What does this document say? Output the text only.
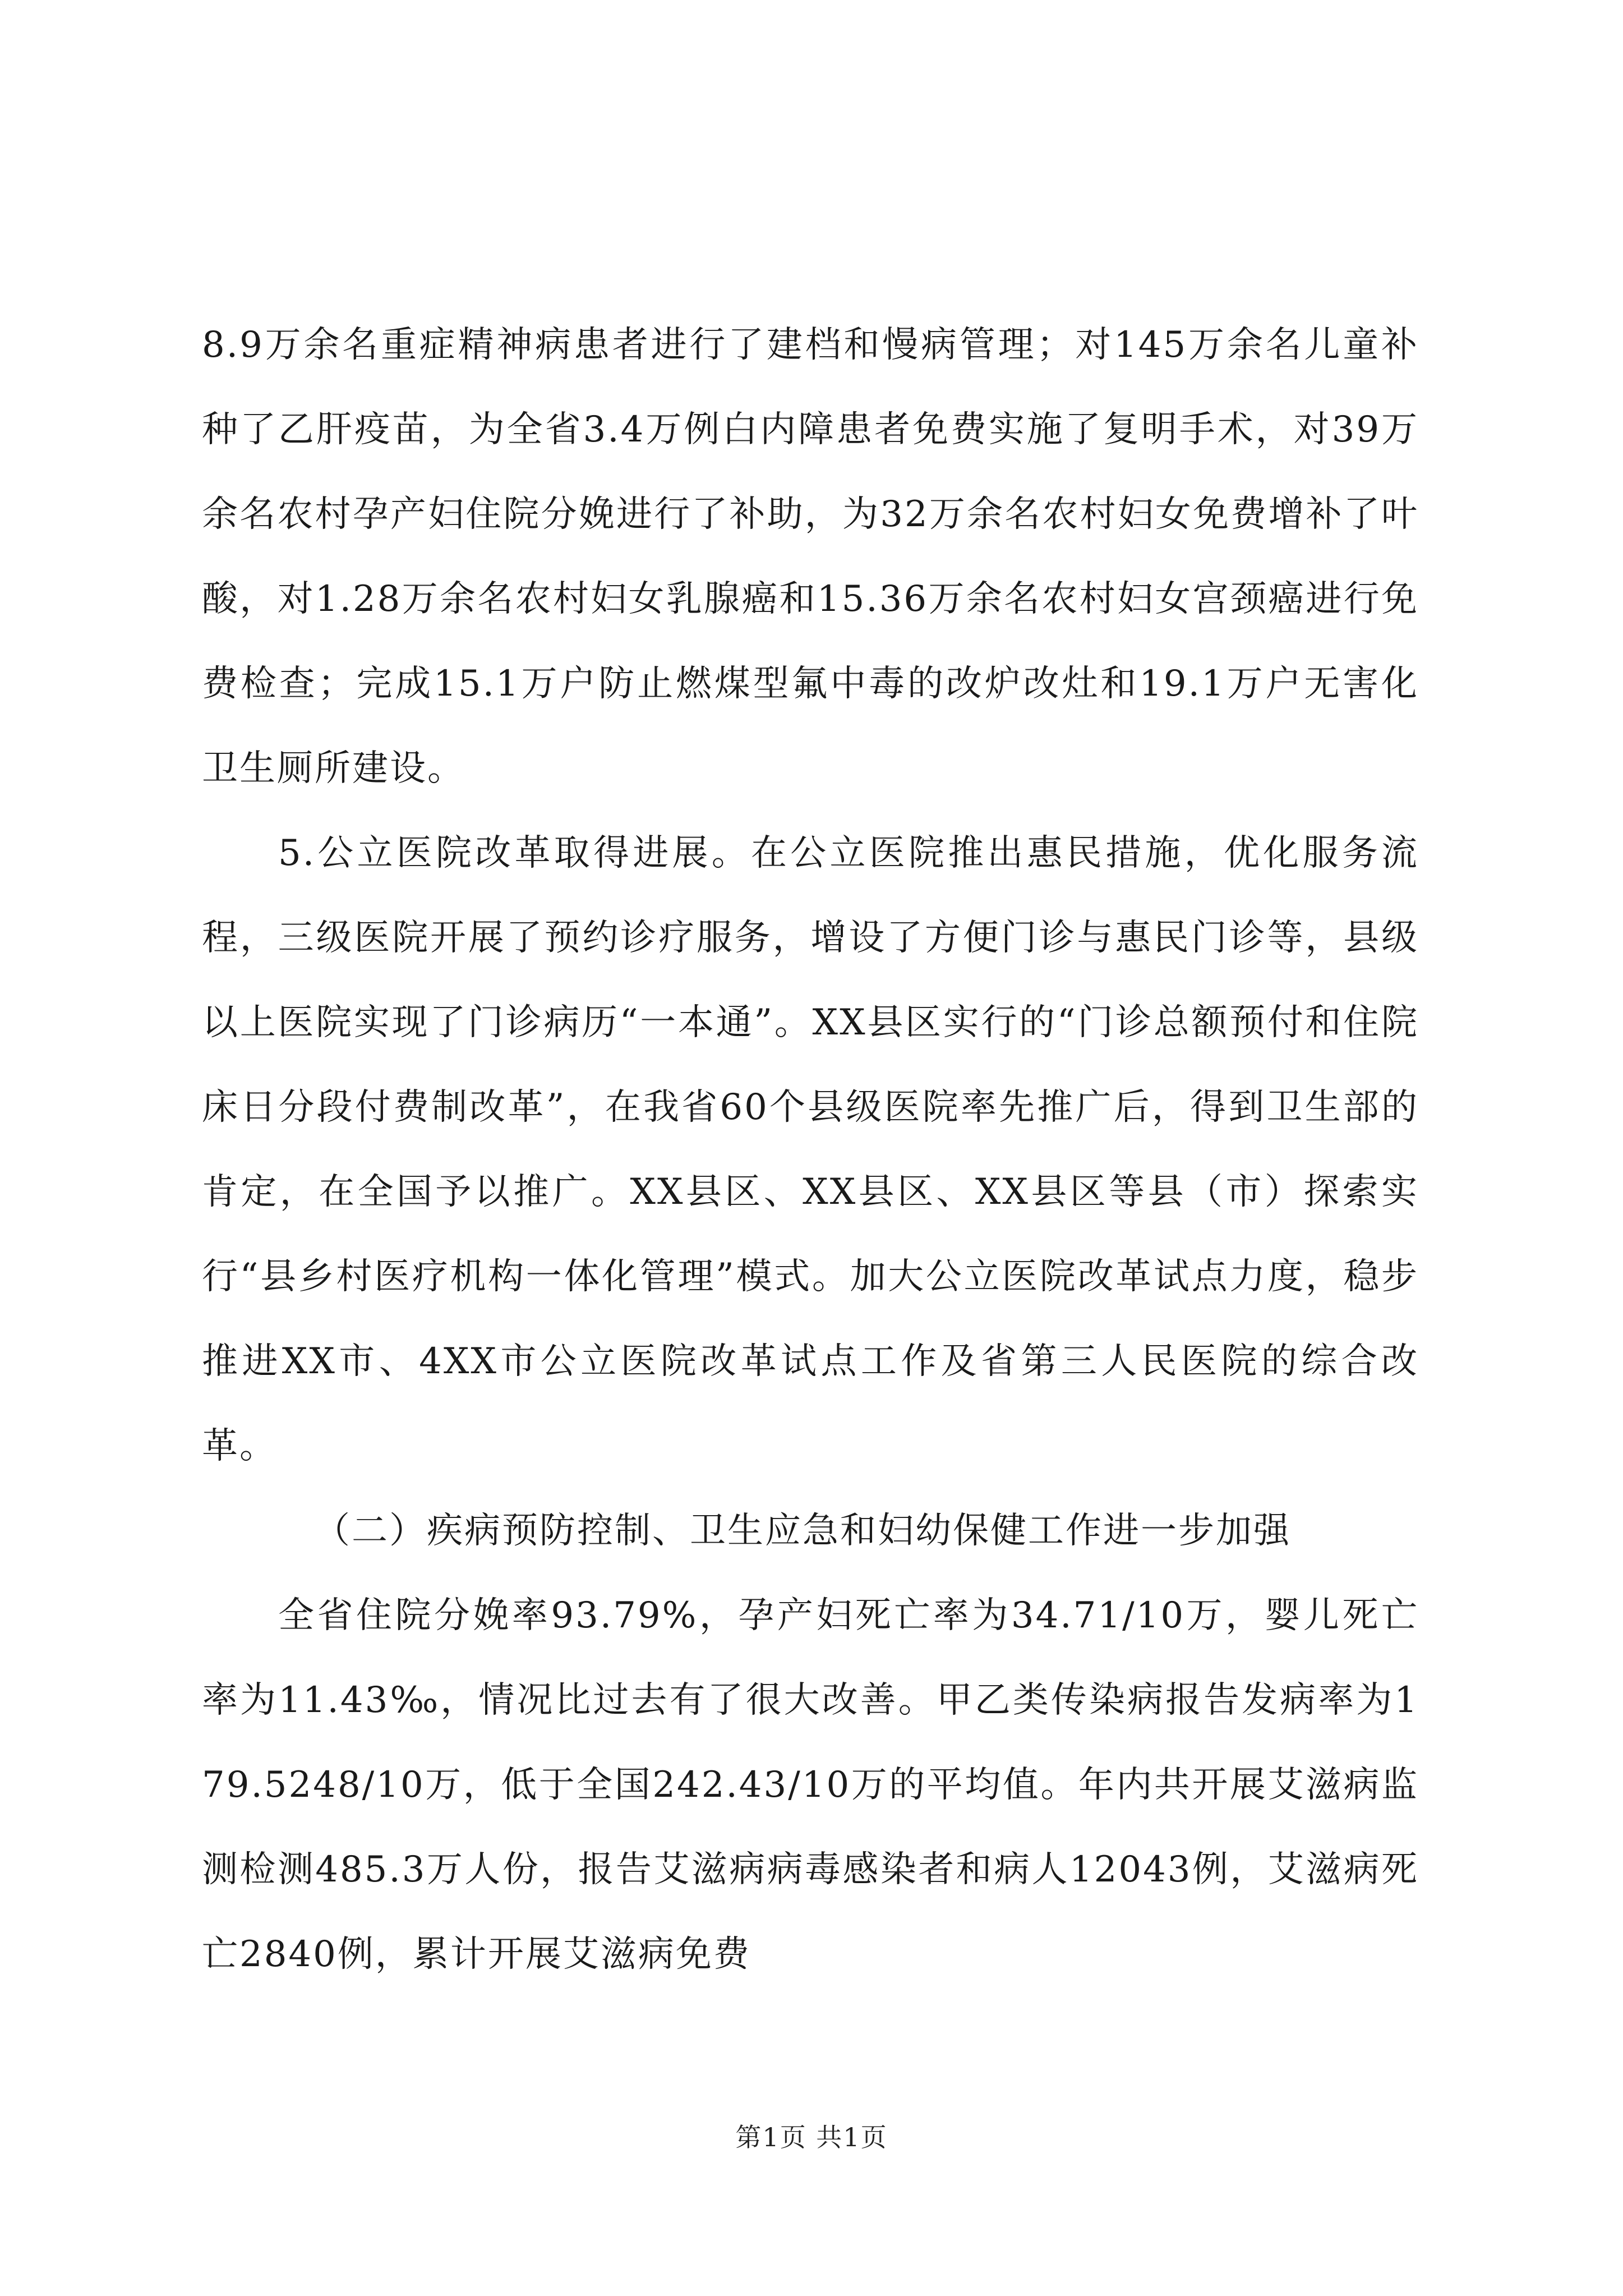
8.9万余名重症精神病患者进行了建档和慢病管理；对145万余名儿童补种了乙肝疫苗，为全省3.4万例白内障患者免费实施了复明手术，对39万余名农村孕产妇住院分娩进行了补助，为32万余名农村妇女免费增补了叶酸，对1.28万余名农村妇女乳腺癌和15.36万余名农村妇女宫颈癌进行免费检查；完成15.1万户防止燃煤型氟中毒的改炉改灶和19.1万户无害化卫生厕所建设。

5.公立医院改革取得进展。在公立医院推出惠民措施，优化服务流程，三级医院开展了预约诊疗服务，增设了方便门诊与惠民门诊等，县级以上医院实现了门诊病历“一本通”。XX县区实行的“门诊总额预付和住院床日分段付费制改革”，在我省60个县级医院率先推广后，得到卫生部的肯定，在全国予以推广。XX县区、XX县区、XX县区等县（市）探索实行“县乡村医疗机构一体化管理”模式。加大公立医院改革试点力度，稳步推进XX市、4XX市公立医院改革试点工作及省第三人民医院的综合改革。

（二）疾病预防控制、卫生应急和妇幼保健工作进一步加强

全省住院分娩率93.79%，孕产妇死亡率为34.71/10万，婴儿死亡率为11.43‰，情况比过去有了很大改善。甲乙类传染病报告发病率为179.5248/10万，低于全国242.43/10万的平均值。年内共开展艾滋病监测检测485.3万人份，报告艾滋病病毒感染者和病人12043例，艾滋病死亡2840例，累计开展艾滋病免费

第1页 共1页
